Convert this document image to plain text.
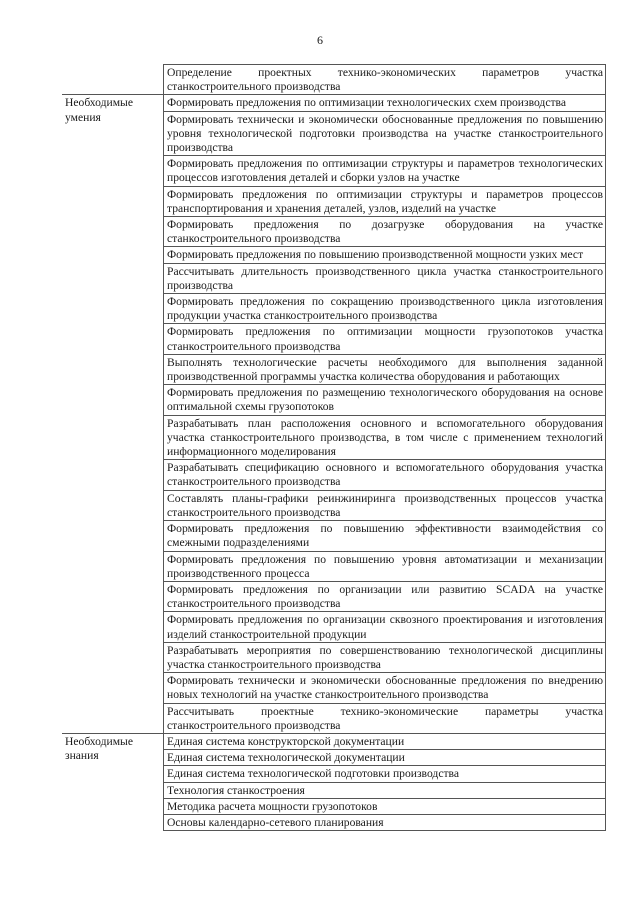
6
	Определение проектных технико-экономических параметров участка станкостроительного производства
Необходимые умения	Формировать предложения по оптимизации технологических схем производства
	Формировать технически и экономически обоснованные предложения по повышению уровня технологической подготовки производства на участке станкостроительного производства
	Формировать предложения по оптимизации структуры и параметров технологических процессов изготовления деталей и сборки узлов на участке
	Формировать предложения по оптимизации структуры и параметров процессов транспортирования и хранения деталей, узлов, изделий на участке
	Формировать предложения по дозагрузке оборудования на участке станкостроительного производства
	Формировать предложения по повышению производственной мощности узких мест
	Рассчитывать длительность производственного цикла участка станкостроительного производства
	Формировать предложения по сокращению производственного цикла изготовления продукции участка станкостроительного производства
	Формировать предложения по оптимизации мощности грузопотоков участка станкостроительного производства
	Выполнять технологические расчеты необходимого для выполнения заданной производственной программы участка количества оборудования и работающих
	Формировать предложения по размещению технологического оборудования на основе оптимальной схемы грузопотоков
	Разрабатывать план расположения основного и вспомогательного оборудования участка станкостроительного производства, в том числе с применением технологий информационного моделирования
	Разрабатывать спецификацию основного и вспомогательного оборудования участка станкостроительного производства
	Составлять планы-графики реинжиниринга производственных процессов участка станкостроительного производства
	Формировать предложения по повышению эффективности взаимодействия со смежными подразделениями
	Формировать предложения по повышению уровня автоматизации и механизации производственного процесса
	Формировать предложения по организации или развитию SCADA на участке станкостроительного производства
	Формировать предложения по организации сквозного проектирования и изготовления изделий станкостроительной продукции
	Разрабатывать мероприятия по совершенствованию технологической дисциплины участка станкостроительного производства
	Формировать технически и экономически обоснованные предложения по внедрению новых технологий на участке станкостроительного производства
	Рассчитывать проектные технико-экономические параметры участка станкостроительного производства
Необходимые знания	Единая система конструкторской документации
	Единая система технологической документации
	Единая система технологической подготовки производства
	Технология станкостроения
	Методика расчета мощности грузопотоков
	Основы календарно-сетевого планирования
